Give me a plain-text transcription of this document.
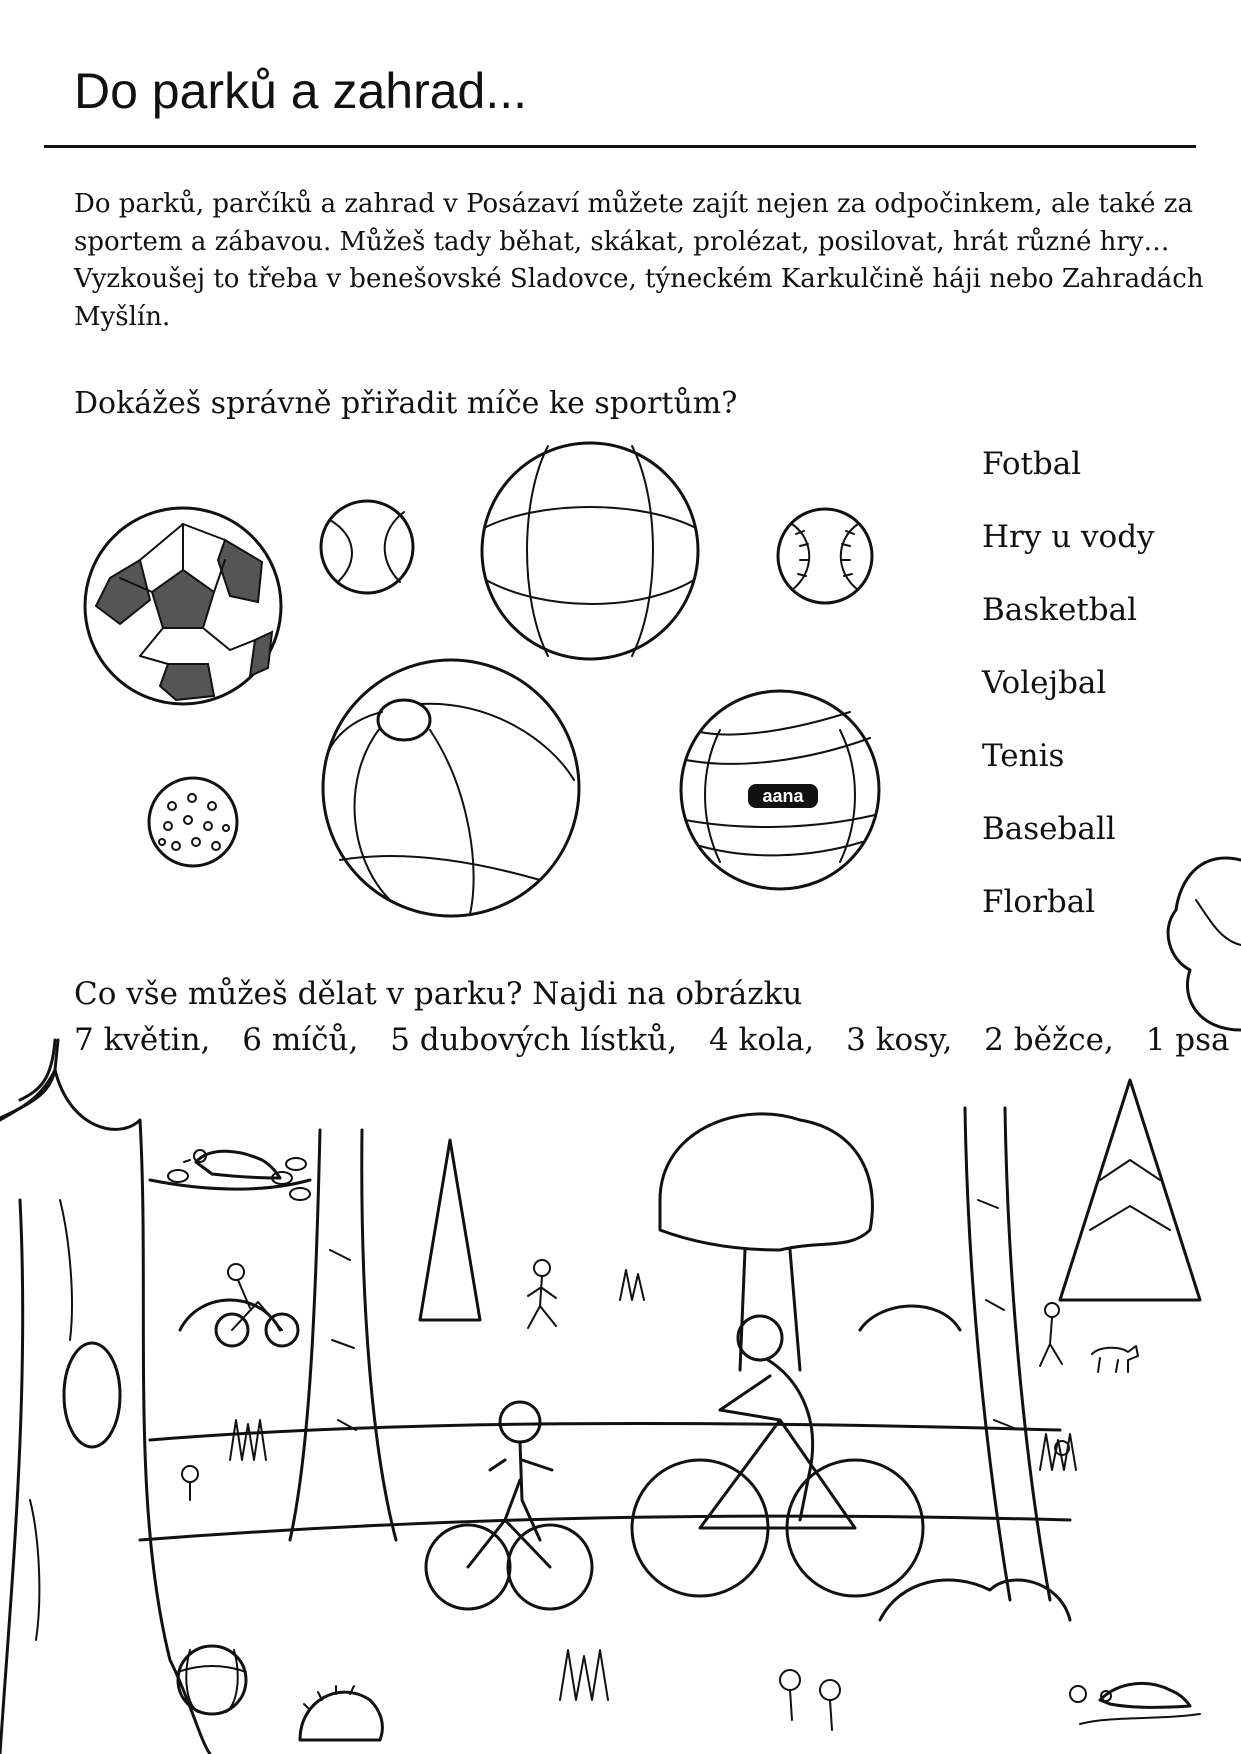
Do parků a zahrad...

Do parků, parčíků a zahrad v Posázaví můžete zajít nejen za odpočinkem, ale také za
sportem a zábavou. Můžeš tady běhat, skákat, prolézat, posilovat, hrát různé hry…
Vyzkoušej to třeba v benešovské Sladovce, týneckém Karkulčině háji nebo Zahradách
Myšlín.

Dokážeš správně přiřadit míče ke sportům?

aana
Fotbal
Hry u vody
Basketbal
Volejbal
Tenis
Baseball
Florbal

Co vše můžeš dělat v parku? Najdi na obrázku

7 květin, 6 míčů, 5 dubových lístků, 4 kola, 3 kosy, 2 běžce, 1 psa
